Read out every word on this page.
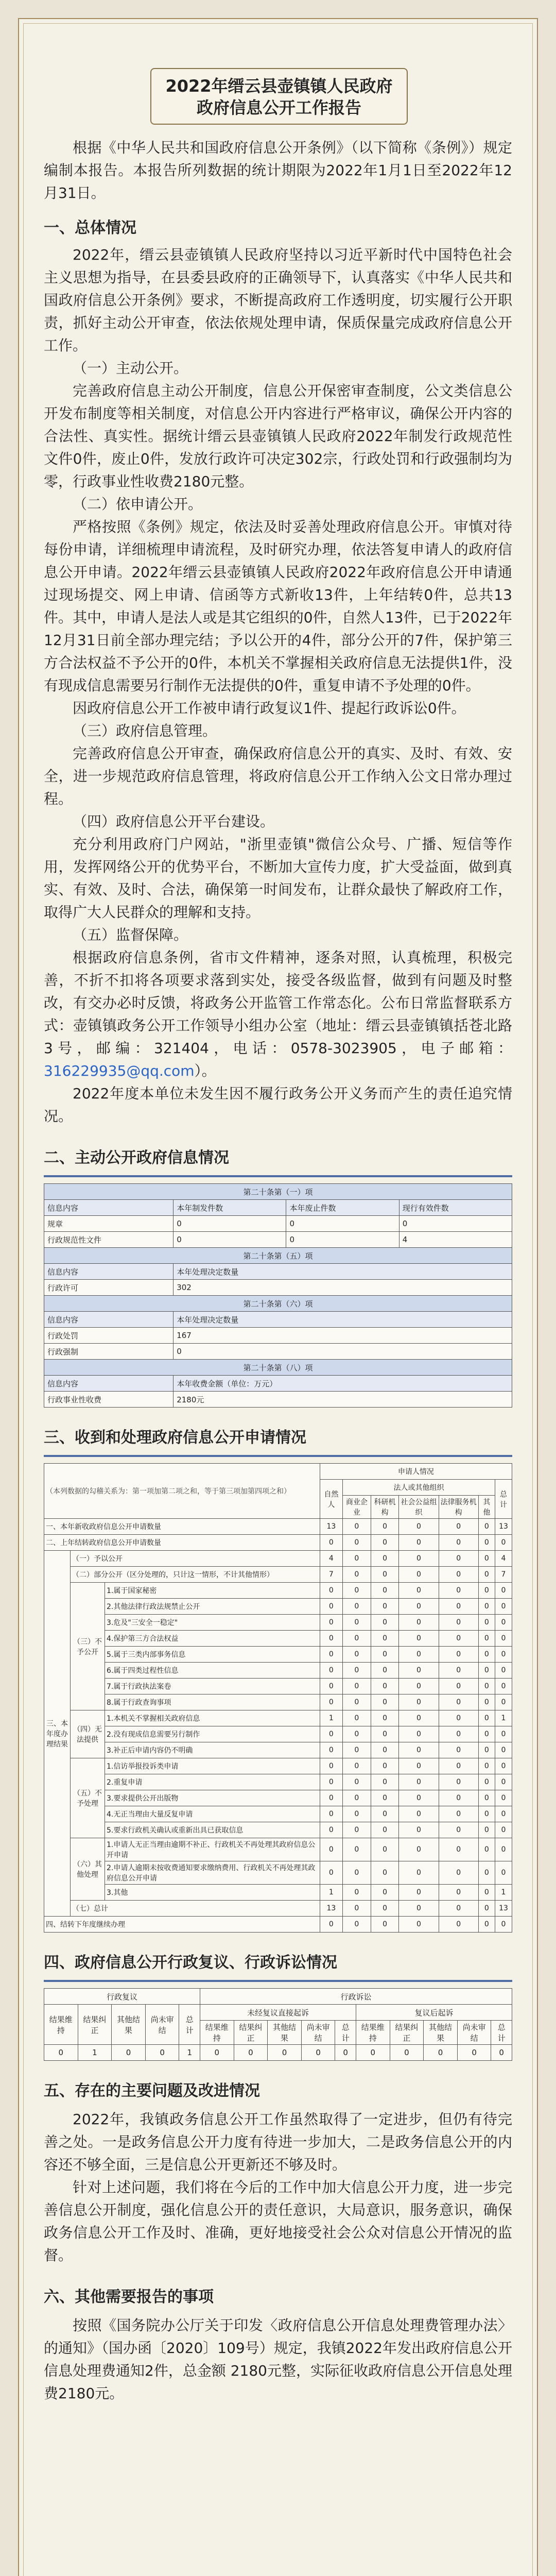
2022年缙云县壶镇镇人民政府
政府信息公开工作报告

根据《中华人民共和国政府信息公开条例》（以下简称《条例》）规定编制本报告。本报告所列数据的统计期限为2022年1月1日至2022年12月31日。

一、总体情况

2022年，缙云县壶镇镇人民政府坚持以习近平新时代中国特色社会主义思想为指导，在县委县政府的正确领导下，认真落实《中华人民共和国政府信息公开条例》要求，不断提高政府工作透明度，切实履行公开职责，抓好主动公开审查，依法依规处理申请，保质保量完成政府信息公开工作。

（一）主动公开。

完善政府信息主动公开制度，信息公开保密审查制度，公文类信息公开发布制度等相关制度，对信息公开内容进行严格审议，确保公开内容的合法性、真实性。据统计缙云县壶镇镇人民政府2022年制发行政规范性文件0件，废止0件，发放行政许可决定302宗，行政处罚和行政强制均为零，行政事业性收费2180元整。

（二）依申请公开。

严格按照《条例》规定，依法及时妥善处理政府信息公开。审慎对待每份申请，详细梳理申请流程，及时研究办理，依法答复申请人的政府信息公开申请。2022年缙云县壶镇镇人民政府2022年政府信息公开申请通过现场提交、网上申请、信函等方式新收13件，上年结转0件，总共13件。其中，申请人是法人或是其它组织的0件，自然人13件，已于2022年12月31日前全部办理完结；予以公开的4件，部分公开的7件，保护第三方合法权益不予公开的0件，本机关不掌握相关政府信息无法提供1件，没有现成信息需要另行制作无法提供的0件，重复申请不予处理的0件。

因政府信息公开工作被申请行政复议1件、提起行政诉讼0件。

（三）政府信息管理。

完善政府信息公开审查，确保政府信息公开的真实、及时、有效、安全，进一步规范政府信息管理，将政府信息公开工作纳入公文日常办理过程。

（四）政府信息公开平台建设。

充分利用政府门户网站，"浙里壶镇"微信公众号、广播、短信等作用，发挥网络公开的优势平台，不断加大宣传力度，扩大受益面，做到真实、有效、及时、合法，确保第一时间发布，让群众最快了解政府工作，取得广大人民群众的理解和支持。

（五）监督保障。

根据政府信息条例，省市文件精神，逐条对照，认真梳理，积极完善，不折不扣将各项要求落到实处，接受各级监督，做到有问题及时整改，有交办必时反馈，将政务公开监管工作常态化。公布日常监督联系方式：壶镇镇政务公开工作领导小组办公室（地址：缙云县壶镇镇括苍北路3号，邮编：321404，电话：0578-3023905，电子邮箱：316229935@qq.com）。

2022年度本单位未发生因不履行政务公开义务而产生的责任追究情况。

二、主动公开政府信息情况
第二十条第（一）项			
信息内容	本年制发件数	本年废止件数	现行有效件数
规章	0	0	0
行政规范性文件	0	0	4
第二十条第（五）项			
信息内容	本年处理决定数量		
行政许可	302		
第二十条第（六）项			
信息内容	本年处理决定数量		
行政处罚	167		
行政强制	0		
第二十条第（八）项			
信息内容	本年收费金额（单位：万元）		
行政事业性收费	2180元		
三、收到和处理政府信息公开申请情况
（本列数据的勾稽关系为：第一项加第二项之和，等于第三项加第四项之和）			申请人情况						
			自然人	法人或其他组织					总计
				商业企业	科研机构	社会公益组织	法律服务机构	其他	
一、本年新收政府信息公开申请数量			13	0	0	0	0	0	13
二、上年结转政府信息公开申请数量			0	0	0	0	0	0	0
三、本年度办理结果	（一）予以公开		4	0	0	0	0	0	4
	（二）部分公开（区分处理的，只计这一情形，不计其他情形）		7	0	0	0	0	0	7
	（三）不予公开	1.属于国家秘密	0	0	0	0	0	0	0
		2.其他法律行政法规禁止公开	0	0	0	0	0	0	0
		3.危及"三安全一稳定"	0	0	0	0	0	0	0
		4.保护第三方合法权益	0	0	0	0	0	0	0
		5.属于三类内部事务信息	0	0	0	0	0	0	0
		6.属于四类过程性信息	0	0	0	0	0	0	0
		7.属于行政执法案卷	0	0	0	0	0	0	0
		8.属于行政查询事项	0	0	0	0	0	0	0
	（四）无法提供	1.本机关不掌握相关政府信息	1	0	0	0	0	0	1
		2.没有现成信息需要另行制作	0	0	0	0	0	0	0
		3.补正后申请内容仍不明确	0	0	0	0	0	0	0
	（五）不予处理	1.信访举报投诉类申请	0	0	0	0	0	0	0
		2.重复申请	0	0	0	0	0	0	0
		3.要求提供公开出版物	0	0	0	0	0	0	0
		4.无正当理由大量反复申请	0	0	0	0	0	0	0
		5.要求行政机关确认或重新出具已获取信息	0	0	0	0	0	0	0
	（六）其他处理	1.申请人无正当理由逾期不补正、行政机关不再处理其政府信息公开申请	0	0	0	0	0	0	0
		2.申请人逾期未按收费通知要求缴纳费用、行政机关不再处理其政府信息公开申请	0	0	0	0	0	0	0
		3.其他	1	0	0	0	0	0	1
	（七）总计		13	0	0	0	0	0	13
四、结转下年度继续办理			0	0	0	0	0	0	0
四、政府信息公开行政复议、行政诉讼情况
行政复议					行政诉讼									
结果维持	结果纠正	其他结果	尚未审结	总计	未经复议直接起诉					复议后起诉				
					结果维持	结果纠正	其他结果	尚未审结	总计	结果维持	结果纠正	其他结果	尚未审结	总计
0	1	0	0	1	0	0	0	0	0	0	0	0	0	0
五、存在的主要问题及改进情况

2022年，我镇政务信息公开工作虽然取得了一定进步，但仍有待完善之处。一是政务信息公开力度有待进一步加大，二是政务信息公开的内容还不够全面，三是信息公开更新还不够及时。

针对上述问题，我们将在今后的工作中加大信息公开力度，进一步完善信息公开制度，强化信息公开的责任意识，大局意识，服务意识，确保政务信息公开工作及时、准确，更好地接受社会公众对信息公开情况的监督。

六、其他需要报告的事项

按照《国务院办公厅关于印发〈政府信息公开信息处理费管理办法〉的通知》（国办函〔2020〕109号）规定，我镇2022年发出政府信息公开信息处理费通知2件，总金额 2180元整，实际征收政府信息公开信息处理费2180元。
